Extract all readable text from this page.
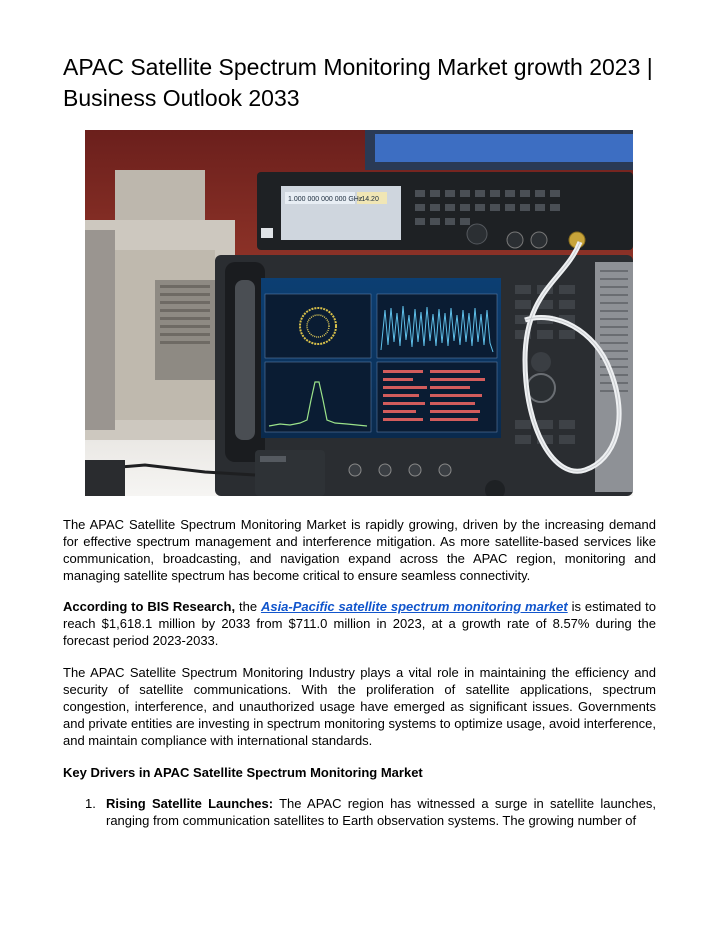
APAC Satellite Spectrum Monitoring Market growth 2023 | Business Outlook 2033
1.000 000 000 000 GHz
-14.20

The APAC Satellite Spectrum Monitoring Market is rapidly growing, driven by the increasing demand for effective spectrum management and interference mitigation. As more satellite-based services like communication, broadcasting, and navigation expand across the APAC region, monitoring and managing satellite spectrum has become critical to ensure seamless connectivity.

According to BIS Research, the Asia-Pacific satellite spectrum monitoring market is estimated to reach $1,618.1 million by 2033 from $711.0 million in 2023, at a growth rate of 8.57% during the forecast period 2023-2033.

The APAC Satellite Spectrum Monitoring Industry plays a vital role in maintaining the efficiency and security of satellite communications. With the proliferation of satellite applications, spectrum congestion, interference, and unauthorized usage have emerged as significant issues. Governments and private entities are investing in spectrum monitoring systems to optimize usage, avoid interference, and maintain compliance with international standards.

Key Drivers in APAC Satellite Spectrum Monitoring Market

1. Rising Satellite Launches: The APAC region has witnessed a surge in satellite launches, ranging from communication satellites to Earth observation systems. The growing number of
